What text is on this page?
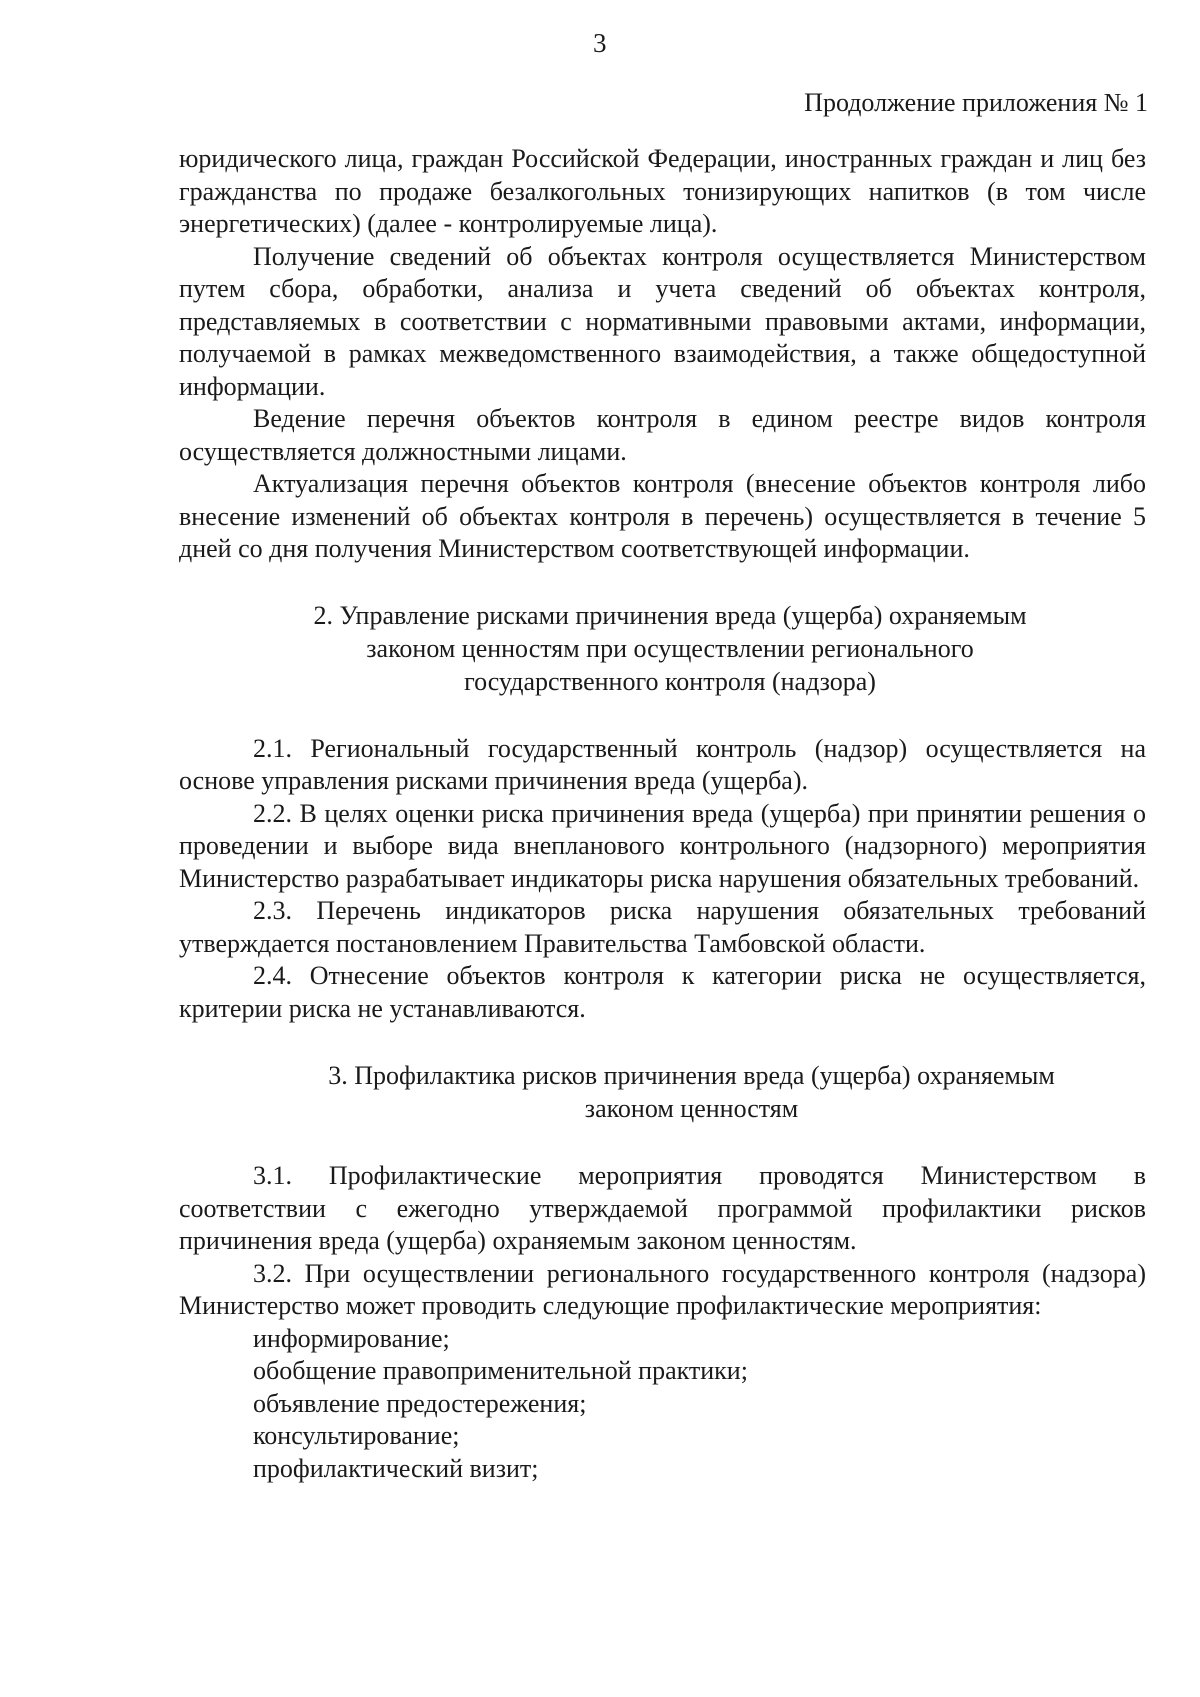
3
Продолжение приложения № 1

юридического лица, граждан Российской Федерации, иностранных граждан и лиц без гражданства по продаже безалкогольных тонизирующих напитков (в том числе энергетических) (далее - контролируемые лица).

Получение сведений об объектах контроля осуществляется Министерством путем сбора, обработки, анализа и учета сведений об объектах контроля, представляемых в соответствии с нормативными правовыми актами, информации, получаемой в рамках межведомственного взаимодействия, а также общедоступной информации.

Ведение перечня объектов контроля в едином реестре видов контроля осуществляется должностными лицами.

Актуализация перечня объектов контроля (внесение объектов контроля либо внесение изменений об объектах контроля в перечень) осуществляется в течение 5 дней со дня получения Министерством соответствующей информации.

2. Управление рисками причинения вреда (ущерба) охраняемым
законом ценностям при осуществлении регионального
государственного контроля (надзора)

2.1. Региональный государственный контроль (надзор) осуществляется на основе управления рисками причинения вреда (ущерба).

2.2. В целях оценки риска причинения вреда (ущерба) при принятии решения о проведении и выборе вида внепланового контрольного (надзорного) мероприятия Министерство разрабатывает индикаторы риска нарушения обязательных требований.

2.3. Перечень индикаторов риска нарушения обязательных требований утверждается постановлением Правительства Тамбовской области.

2.4. Отнесение объектов контроля к категории риска не осуществляется, критерии риска не устанавливаются.

3. Профилактика рисков причинения вреда (ущерба) охраняемым
законом ценностям

3.1. Профилактические мероприятия проводятся Министерством в соответствии с ежегодно утверждаемой программой профилактики рисков причинения вреда (ущерба) охраняемым законом ценностям.

3.2. При осуществлении регионального государственного контроля (надзора) Министерство может проводить следующие профилактические мероприятия:

информирование;

обобщение правоприменительной практики;

объявление предостережения;

консультирование;

профилактический визит;
